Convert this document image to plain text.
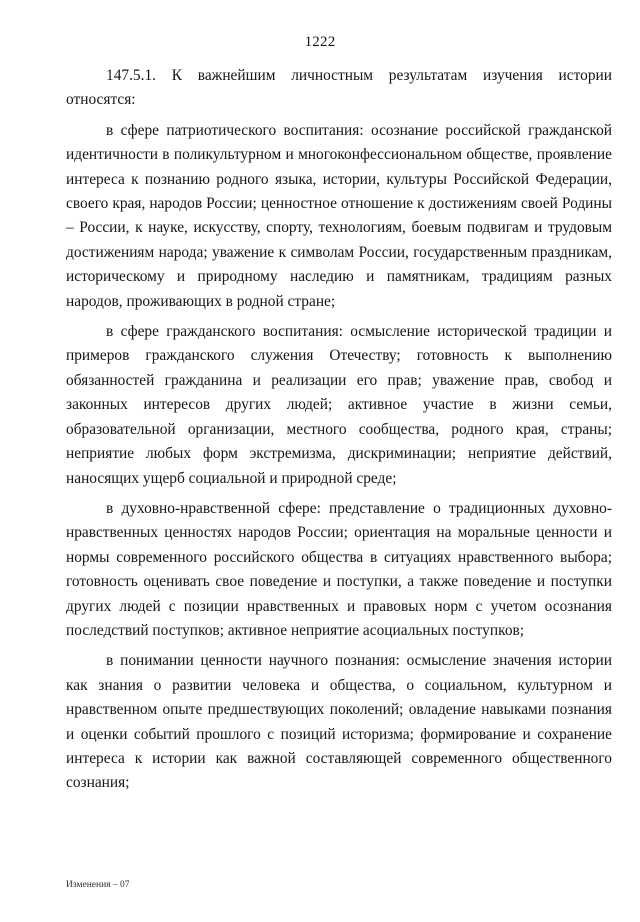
1222

147.5.1. К важнейшим личностным результатам изучения истории относятся:

в сфере патриотического воспитания: осознание российской гражданской идентичности в поликультурном и многоконфессиональном обществе, проявление интереса к познанию родного языка, истории, культуры Российской Федерации, своего края, народов России; ценностное отношение к достижениям своей Родины – России, к науке, искусству, спорту, технологиям, боевым подвигам и трудовым достижениям народа; уважение к символам России, государственным праздникам, историческому и природному наследию и памятникам, традициям разных народов, проживающих в родной стране;

в сфере гражданского воспитания: осмысление исторической традиции и примеров гражданского служения Отечеству; готовность к выполнению обязанностей гражданина и реализации его прав; уважение прав, свобод и законных интересов других людей; активное участие в жизни семьи, образовательной организации, местного сообщества, родного края, страны; неприятие любых форм экстремизма, дискриминации; неприятие действий, наносящих ущерб социальной и природной среде;

в духовно-нравственной сфере: представление о традиционных духовно-нравственных ценностях народов России; ориентация на моральные ценности и нормы современного российского общества в ситуациях нравственного выбора; готовность оценивать свое поведение и поступки, а также поведение и поступки других людей с позиции нравственных и правовых норм с учетом осознания последствий поступков; активное неприятие асоциальных поступков;

в понимании ценности научного познания: осмысление значения истории как знания о развитии человека и общества, о социальном, культурном и нравственном опыте предшествующих поколений; овладение навыками познания и оценки событий прошлого с позиций историзма; формирование и сохранение интереса к истории как важной составляющей современного общественного сознания;

Изменения – 07
